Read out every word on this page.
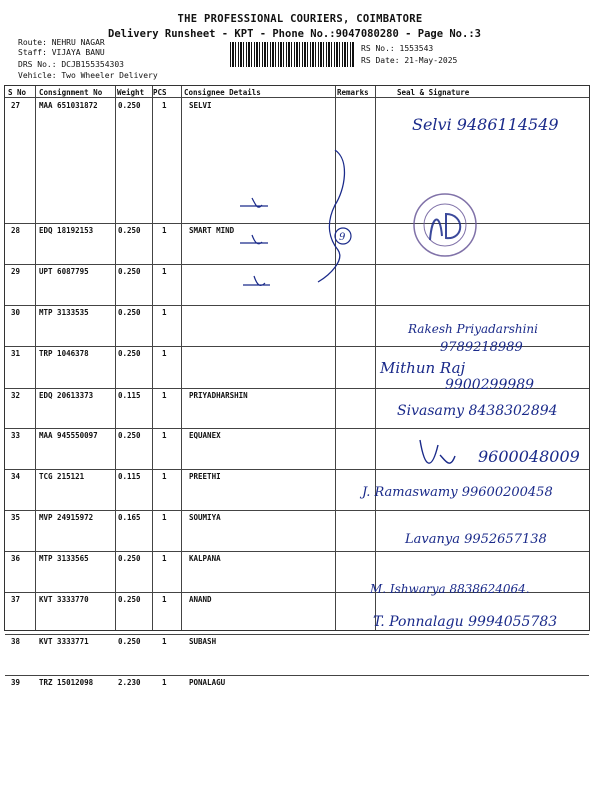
THE PROFESSIONAL COURIERS, COIMBATORE
Delivery Runsheet - KPT - Phone No.:9047080280 - Page No.:3
Route: NEHRU NAGAR
Staff: VIJAYA BANU
DRS No.: DCJB155354303
Vehicle: Two Wheeler Delivery
RS No.: 1553543
RS Date: 21-May-2025
S No Consignment No Weight PCS Consignee Details	Remarks	Seal & Signature
27	MAA 651031872	0.250	1	SELVI
28	EDQ 18192153	0.250	1	SMART MIND
29	UPT 6087795	0.250	1
30	MTP 3133535	0.250	1
31	TRP 1046378	0.250	1
32	EDQ 20613373	0.115	1	PRIYADHARSHIN
33	MAA 945550097	0.250	1	EQUANEX
34	TCG 215121	0.115	1	PREETHI
35	MVP 24915972	0.165	1	SOUMIYA
36	MTP 3133565	0.250	1	KALPANA
37	KVT 3333770	0.250	1	ANAND
38	KVT 3333771	0.250	1	SUBASH
39	TRZ 15012098	2.230	1	PONALAGU
9
Selvi 9486114549
Rakesh Priyadarshini
9789218989
Mithun Raj
9900299989
Sivasamy 8438302894
9600048009
J. Ramaswamy 99600200458
Lavanya 9952657138
M. Ishwarya 8838624064.
T. Ponnalagu 9994055783
